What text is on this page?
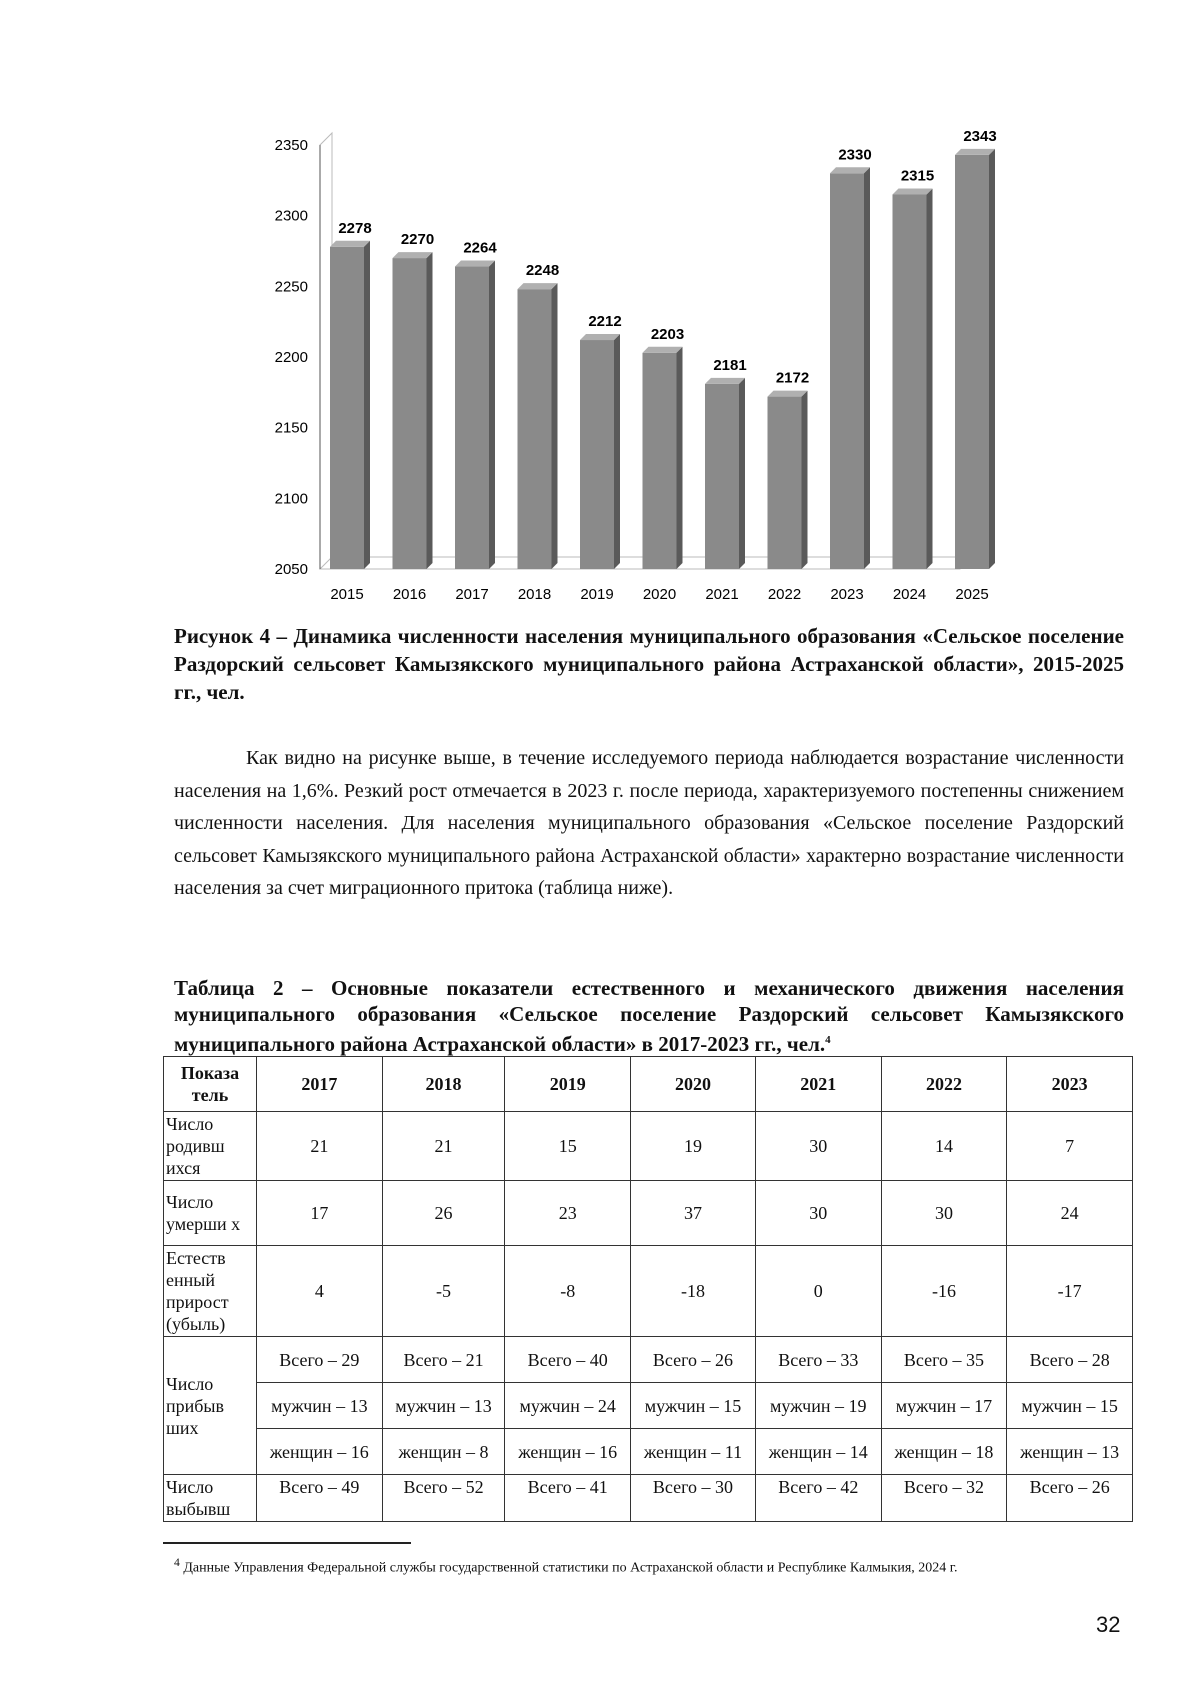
2050
2100
2150
2200
2250
2300
2350
2278
2015
2270
2016
2264
2017
2248
2018
2212
2019
2203
2020
2181
2021
2172
2022
2330
2023
2315
2024
2343
2025
Рисунок 4 – Динамика численности населения муниципального образования «Сельское поселение Раздорский сельсовет Камызякского муниципального района Астраханской области», 2015-2025 гг., чел.
Как видно на рисунке выше, в течение исследуемого периода наблюдается возрастание численности населения на 1,6%. Резкий рост отмечается в 2023 г. после периода, характеризуемого постепенны снижением численности населения. Для населения муниципального образования «Сельское поселение Раздорский сельсовет Камызякского муниципального района Астраханской области» характерно возрастание численности населения за счет миграционного притока (таблица ниже).
Таблица 2 – Основные показатели естественного и механического движения населения муниципального образования «Сельское поселение Раздорский сельсовет Камызякского муниципального района Астраханской области» в 2017-2023 гг., чел.$^4$
Показа тель	2017	2018	2019	2020	2021	2022	2023
Число родивш ихся	21	21	15	19	30	14	7
Число умерши х	17	26	23	37	30	30	24
Естеств енный прирост (убыль)	4	-5	-8	-18	0	-16	-17
Число прибыв ших	Всего – 29	Всего – 21	Всего – 40	Всего – 26	Всего – 33	Всего – 35	Всего – 28
	мужчин – 13	мужчин – 13	мужчин – 24	мужчин – 15	мужчин – 19	мужчин – 17	мужчин – 15
	женщин – 16	женщин – 8	женщин – 16	женщин – 11	женщин – 14	женщин – 18	женщин – 13
Число выбывш	Всего – 49	Всего – 52	Всего – 41	Всего – 30	Всего – 42	Всего – 32	Всего – 26
$^4$ Данные Управления Федеральной службы государственной статистики по Астраханской области и Республике Калмыкия, 2024 г.
32
